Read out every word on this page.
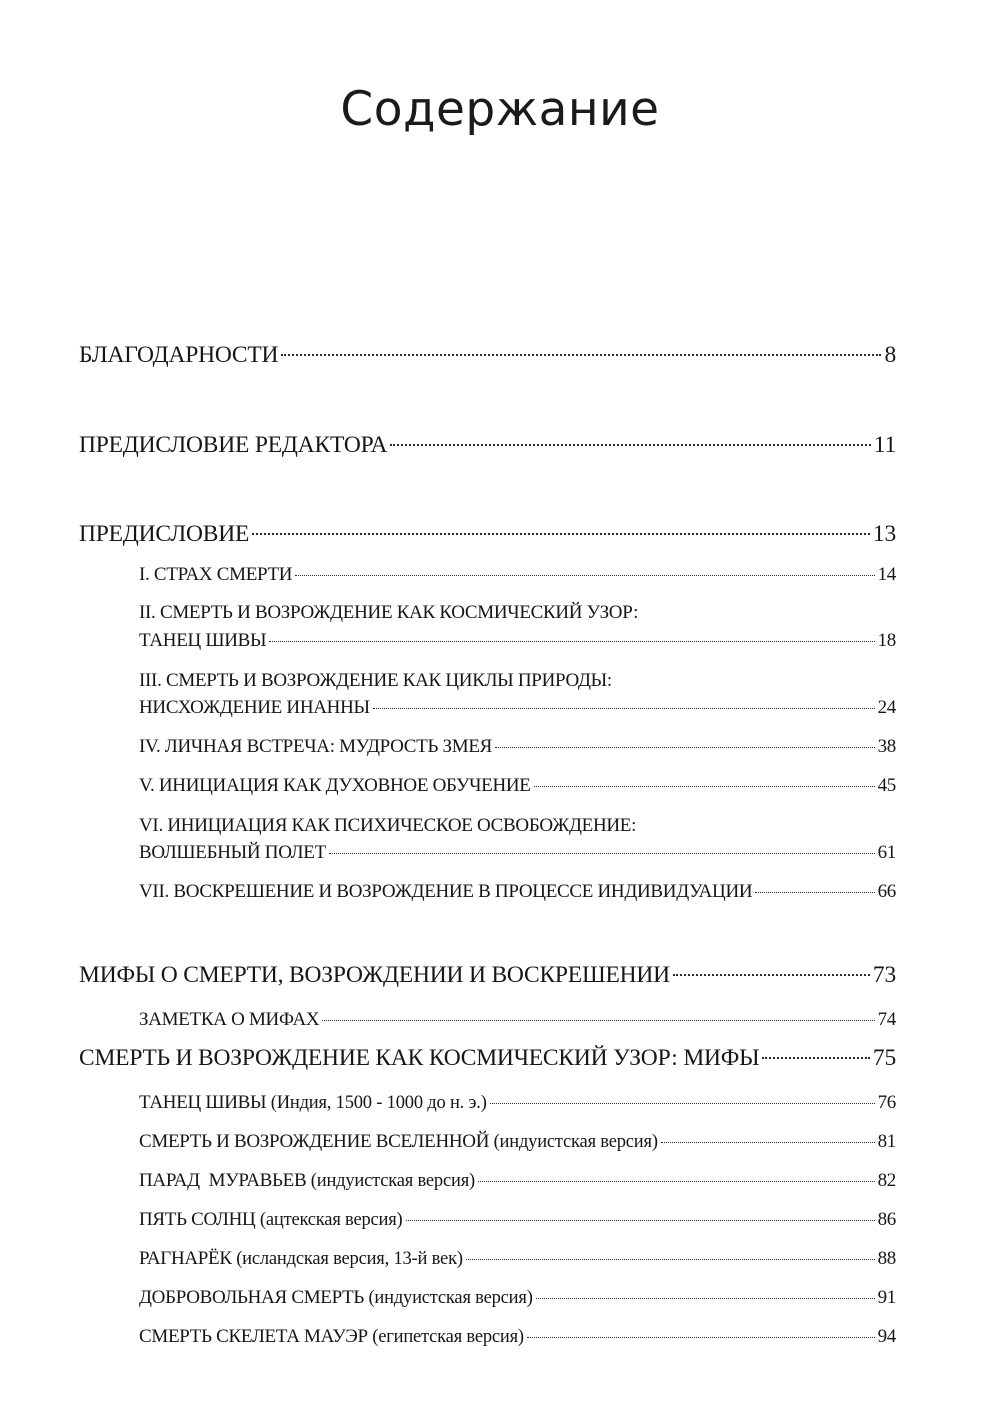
Содержание
БЛАГОДАРНОСТИ	8
ПРЕДИСЛОВИЕ РЕДАКТОРА	11
ПРЕДИСЛОВИЕ	13
I. СТРАХ СМЕРТИ	14
II. СМЕРТЬ И ВОЗРОЖДЕНИЕ КАК КОСМИЧЕСКИЙ УЗОР:
ТАНЕЦ ШИВЫ	18
III. СМЕРТЬ И ВОЗРОЖДЕНИЕ КАК ЦИКЛЫ ПРИРОДЫ:
НИСХОЖДЕНИЕ ИНАННЫ	24
IV. ЛИЧНАЯ ВСТРЕЧА: МУДРОСТЬ ЗМЕЯ	38
V. ИНИЦИАЦИЯ КАК ДУХОВНОЕ ОБУЧЕНИЕ	45
VI. ИНИЦИАЦИЯ КАК ПСИХИЧЕСКОЕ ОСВОБОЖДЕНИЕ:
ВОЛШЕБНЫЙ ПОЛЕТ	61
VII. ВОСКРЕШЕНИЕ И ВОЗРОЖДЕНИЕ В ПРОЦЕССЕ ИНДИВИДУАЦИИ	66
МИФЫ О СМЕРТИ, ВОЗРОЖДЕНИИ И ВОСКРЕШЕНИИ	73
ЗАМЕТКА О МИФАХ	74
СМЕРТЬ И ВОЗРОЖДЕНИЕ КАК КОСМИЧЕСКИЙ УЗОР: МИФЫ	75
ТАНЕЦ ШИВЫ (Индия, 1500 - 1000 до н. э.)	76
СМЕРТЬ И ВОЗРОЖДЕНИЕ ВСЕЛЕННОЙ (индуистская версия)	81
ПАРАД  МУРАВЬЕВ (индуистская версия)	82
ПЯТЬ СОЛНЦ (ацтекская версия)	86
РАГНАРЁК (исландская версия, 13-й век)	88
ДОБРОВОЛЬНАЯ СМЕРТЬ (индуистская версия)	91
СМЕРТЬ СКЕЛЕТА МАУЭР (египетская версия)	94
